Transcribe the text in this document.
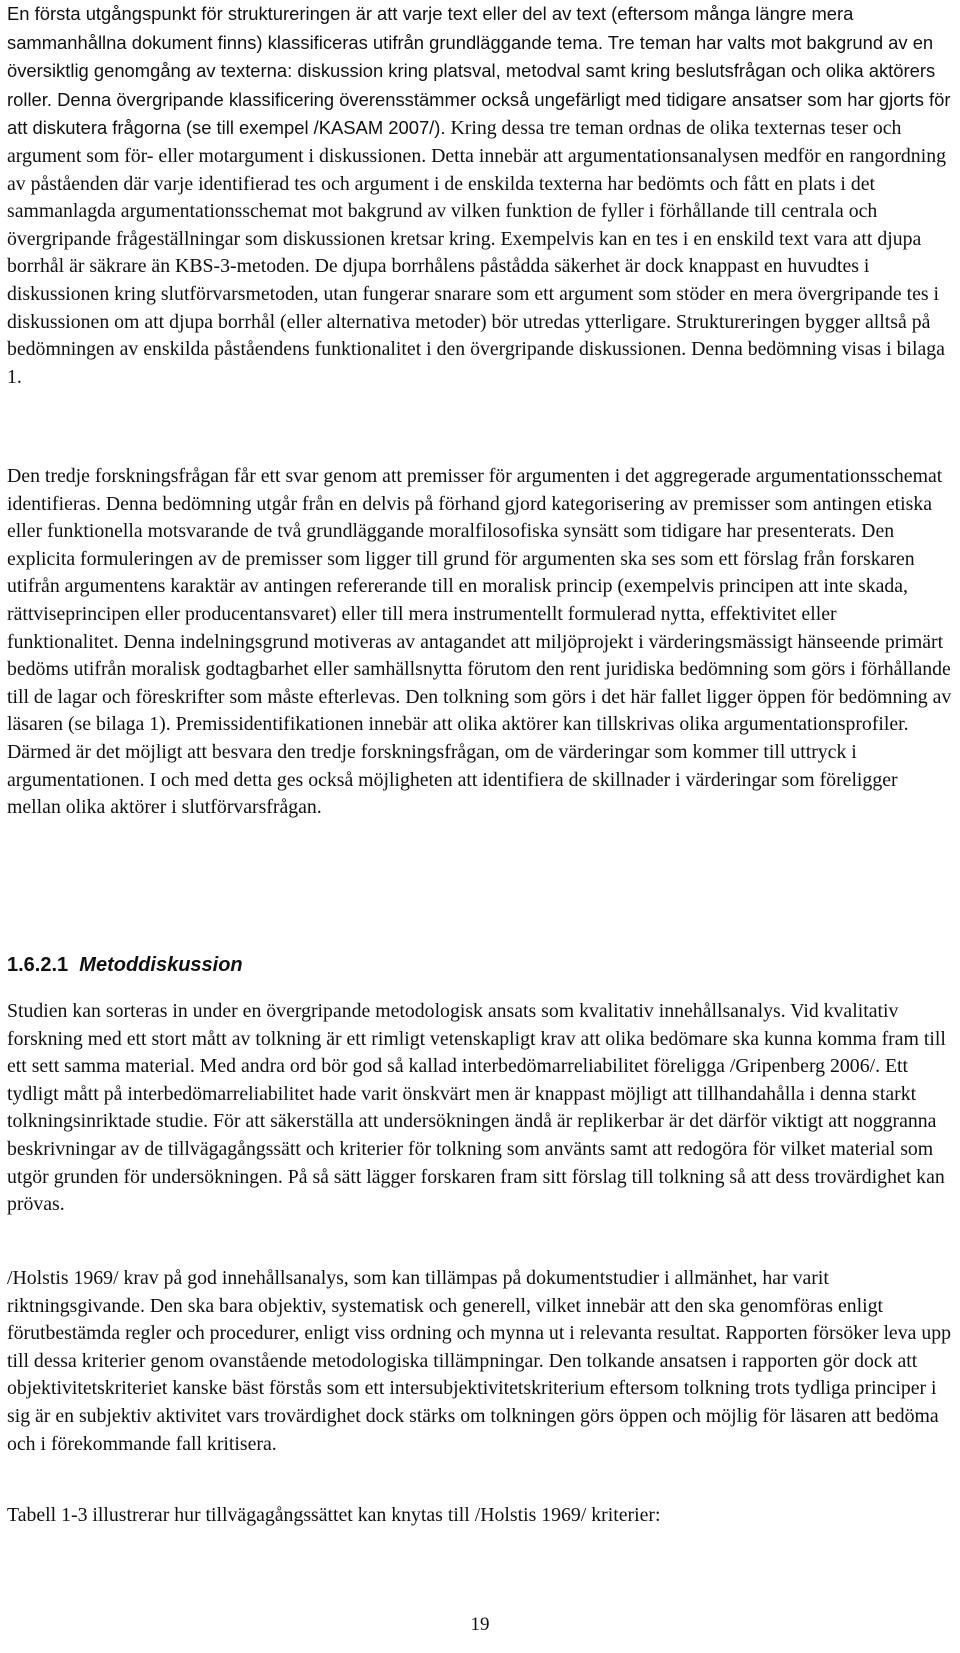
En första utgångspunkt för struktureringen är att varje text eller del av text (eftersom många längre mera sammanhållna dokument finns) klassificeras utifrån grundläggande tema. Tre teman har valts mot bakgrund av en översiktlig genomgång av texterna: diskussion kring platsval, metodval samt kring beslutsfrågan och olika aktörers roller. Denna övergripande klassificering överensstämmer också ungefärligt med tidigare ansatser som har gjorts för att diskutera frågorna (se till exempel /KASAM 2007/). Kring dessa tre teman ordnas de olika texternas teser och argument som för- eller motargument i diskussionen. Detta innebär att argumentationsanalysen medför en rangordning av påståenden där varje identifierad tes och argument i de enskilda texterna har bedömts och fått en plats i det sammanlagda argumentationsschemat mot bakgrund av vilken funktion de fyller i förhållande till centrala och övergripande frågeställningar som diskussionen kretsar kring. Exempelvis kan en tes i en enskild text vara att djupa borrhål är säkrare än KBS-3-metoden. De djupa borrhålens påstådda säkerhet är dock knappast en huvudtes i diskussionen kring slutförvarsmetoden, utan fungerar snarare som ett argument som stöder en mera övergripande tes i diskussionen om att djupa borrhål (eller alternativa metoder) bör utredas ytterligare. Struktureringen bygger alltså på bedömningen av enskilda påståendens funktionalitet i den övergripande diskussionen. Denna bedömning visas i bilaga 1.

Den tredje forskningsfrågan får ett svar genom att premisser för argumenten i det aggregerade argumentationsschemat identifieras. Denna bedömning utgår från en delvis på förhand gjord kategorisering av premisser som antingen etiska eller funktionella motsvarande de två grundläggande moralfilosofiska synsätt som tidigare har presenterats. Den explicita formuleringen av de premisser som ligger till grund för argumenten ska ses som ett förslag från forskaren utifrån argumentens karaktär av antingen refererande till en moralisk princip (exempelvis principen att inte skada, rättviseprincipen eller producentansvaret) eller till mera instrumentellt formulerad nytta, effektivitet eller funktionalitet. Denna indelningsgrund motiveras av antagandet att miljöprojekt i värderingsmässigt hänseende primärt bedöms utifrån moralisk godtagbarhet eller samhällsnytta förutom den rent juridiska bedömning som görs i förhållande till de lagar och föreskrifter som måste efterlevas. Den tolkning som görs i det här fallet ligger öppen för bedömning av läsaren (se bilaga 1). Premissidentifikationen innebär att olika aktörer kan tillskrivas olika argumentationsprofiler. Därmed är det möjligt att besvara den tredje forskningsfrågan, om de värderingar som kommer till uttryck i argumentationen. I och med detta ges också möjligheten att identifiera de skillnader i värderingar som föreligger mellan olika aktörer i slutförvarsfrågan.

1.6.2.1 Metoddiskussion

Studien kan sorteras in under en övergripande metodologisk ansats som kvalitativ innehållsanalys. Vid kvalitativ forskning med ett stort mått av tolkning är ett rimligt vetenskapligt krav att olika bedömare ska kunna komma fram till ett sett samma material. Med andra ord bör god så kallad interbedömarreliabilitet föreligga /Gripenberg 2006/. Ett tydligt mått på interbedömarreliabilitet hade varit önskvärt men är knappast möjligt att tillhandahålla i denna starkt tolkningsinriktade studie. För att säkerställa att undersökningen ändå är replikerbar är det därför viktigt att noggranna beskrivningar av de tillvägagångssätt och kriterier för tolkning som använts samt att redogöra för vilket material som utgör grunden för undersökningen. På så sätt lägger forskaren fram sitt förslag till tolkning så att dess trovärdighet kan prövas.

/Holstis 1969/ krav på god innehållsanalys, som kan tillämpas på dokumentstudier i allmänhet, har varit riktningsgivande. Den ska bara objektiv, systematisk och generell, vilket innebär att den ska genomföras enligt förutbestämda regler och procedurer, enligt viss ordning och mynna ut i relevanta resultat. Rapporten försöker leva upp till dessa kriterier genom ovanstående metodologiska tillämpningar. Den tolkande ansatsen i rapporten gör dock att objektivitetskriteriet kanske bäst förstås som ett intersubjektivitetskriterium eftersom tolkning trots tydliga principer i sig är en subjektiv aktivitet vars trovärdighet dock stärks om tolkningen görs öppen och möjlig för läsaren att bedöma och i förekommande fall kritisera.

Tabell 1-3 illustrerar hur tillvägagångssättet kan knytas till /Holstis 1969/ kriterier:

19
